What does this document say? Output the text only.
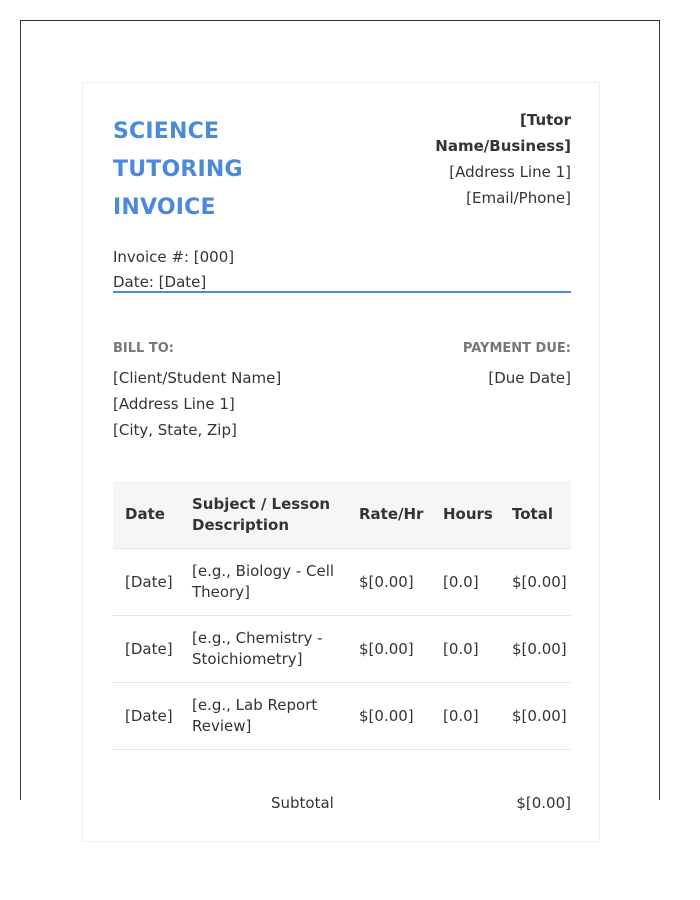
SCIENCE TUTORING INVOICE
Invoice #: [000]
Date: [Date]
[Tutor Name/Business]
[Address Line 1]
[Email/Phone]
BILL TO:
[Client/Student Name]
[Address Line 1]
[City, State, Zip]
PAYMENT DUE:
[Due Date]
Date	Subject / Lesson Description	Rate/Hr	Hours	Total
[Date]	[e.g., Biology - Cell Theory]	$[0.00]	[0.0]	$[0.00]
[Date]	[e.g., Chemistry - Stoichiometry]	$[0.00]	[0.0]	$[0.00]
[Date]	[e.g., Lab Report Review]	$[0.00]	[0.0]	$[0.00]
Subtotal	$[0.00]
